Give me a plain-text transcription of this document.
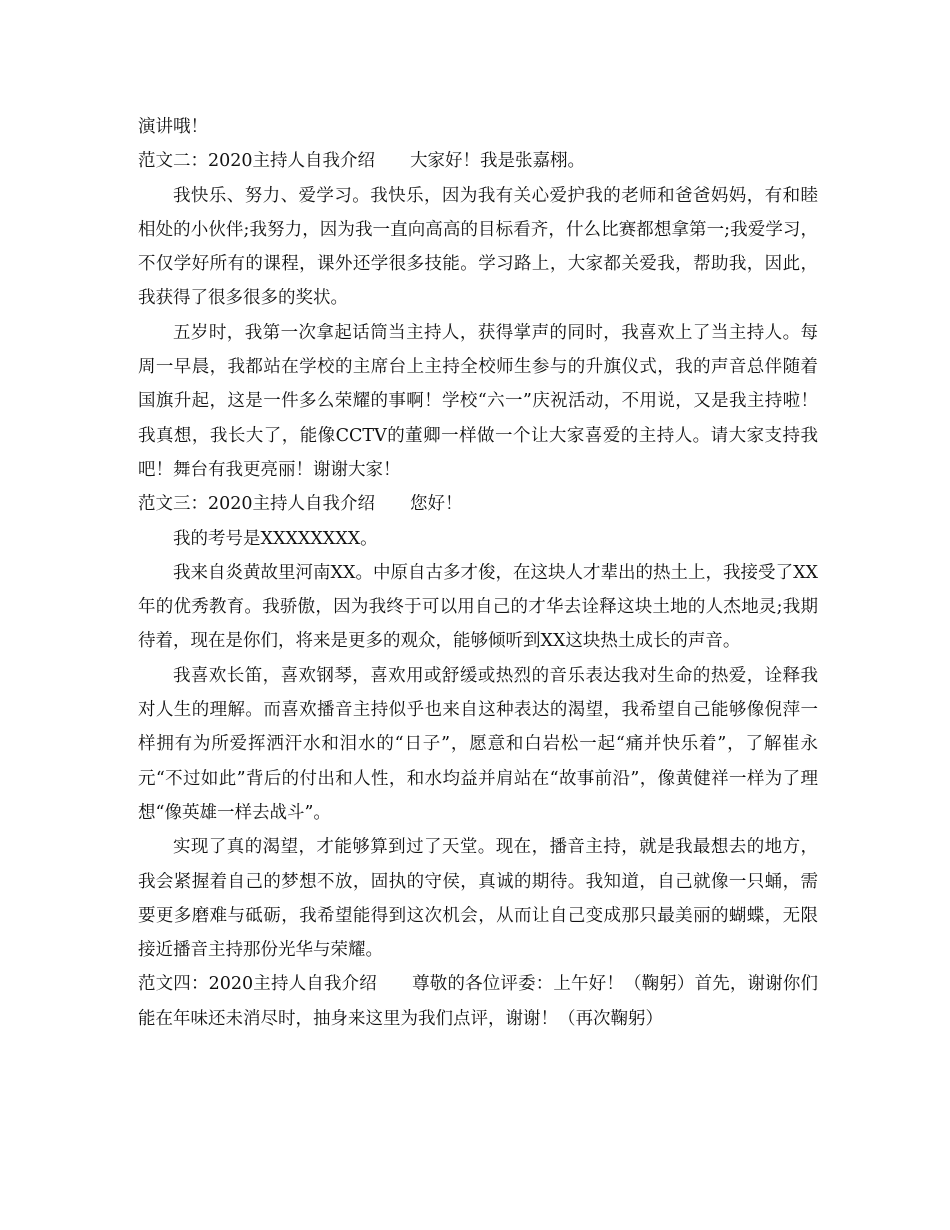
演讲哦！

范文二：2020主持人自我介绍　　大家好！我是张嘉栩。

我快乐、努力、爱学习。我快乐，因为我有关心爱护我的老师和爸爸妈妈，有和睦相处的小伙伴;我努力，因为我一直向高高的目标看齐，什么比赛都想拿第一;我爱学习，不仅学好所有的课程，课外还学很多技能。学习路上，大家都关爱我，帮助我，因此，我获得了很多很多的奖状。

五岁时，我第一次拿起话筒当主持人，获得掌声的同时，我喜欢上了当主持人。每周一早晨，我都站在学校的主席台上主持全校师生参与的升旗仪式，我的声音总伴随着国旗升起，这是一件多么荣耀的事啊！学校“六一”庆祝活动，不用说，又是我主持啦！我真想，我长大了，能像CCTV的董卿一样做一个让大家喜爱的主持人。请大家支持我吧！舞台有我更亮丽！谢谢大家！

范文三：2020主持人自我介绍　　您好！

我的考号是XXXXXXXX。

我来自炎黄故里河南XX。中原自古多才俊，在这块人才辈出的热土上，我接受了XX年的优秀教育。我骄傲，因为我终于可以用自己的才华去诠释这块土地的人杰地灵;我期待着，现在是你们，将来是更多的观众，能够倾听到XX这块热土成长的声音。

我喜欢长笛，喜欢钢琴，喜欢用或舒缓或热烈的音乐表达我对生命的热爱，诠释我对人生的理解。而喜欢播音主持似乎也来自这种表达的渴望，我希望自己能够像倪萍一样拥有为所爱挥洒汗水和泪水的“日子”，愿意和白岩松一起“痛并快乐着”，了解崔永元“不过如此”背后的付出和人性，和水均益并肩站在“故事前沿”，像黄健祥一样为了理想“像英雄一样去战斗”。

实现了真的渴望，才能够算到过了天堂。现在，播音主持，就是我最想去的地方，我会紧握着自己的梦想不放，固执的守侯，真诚的期待。我知道，自己就像一只蛹，需要更多磨难与砥砺，我希望能得到这次机会，从而让自己变成那只最美丽的蝴蝶，无限接近播音主持那份光华与荣耀。

范文四：2020主持人自我介绍　　尊敬的各位评委：上午好！（鞠躬）首先，谢谢你们能在年味还未消尽时，抽身来这里为我们点评，谢谢！（再次鞠躬）
